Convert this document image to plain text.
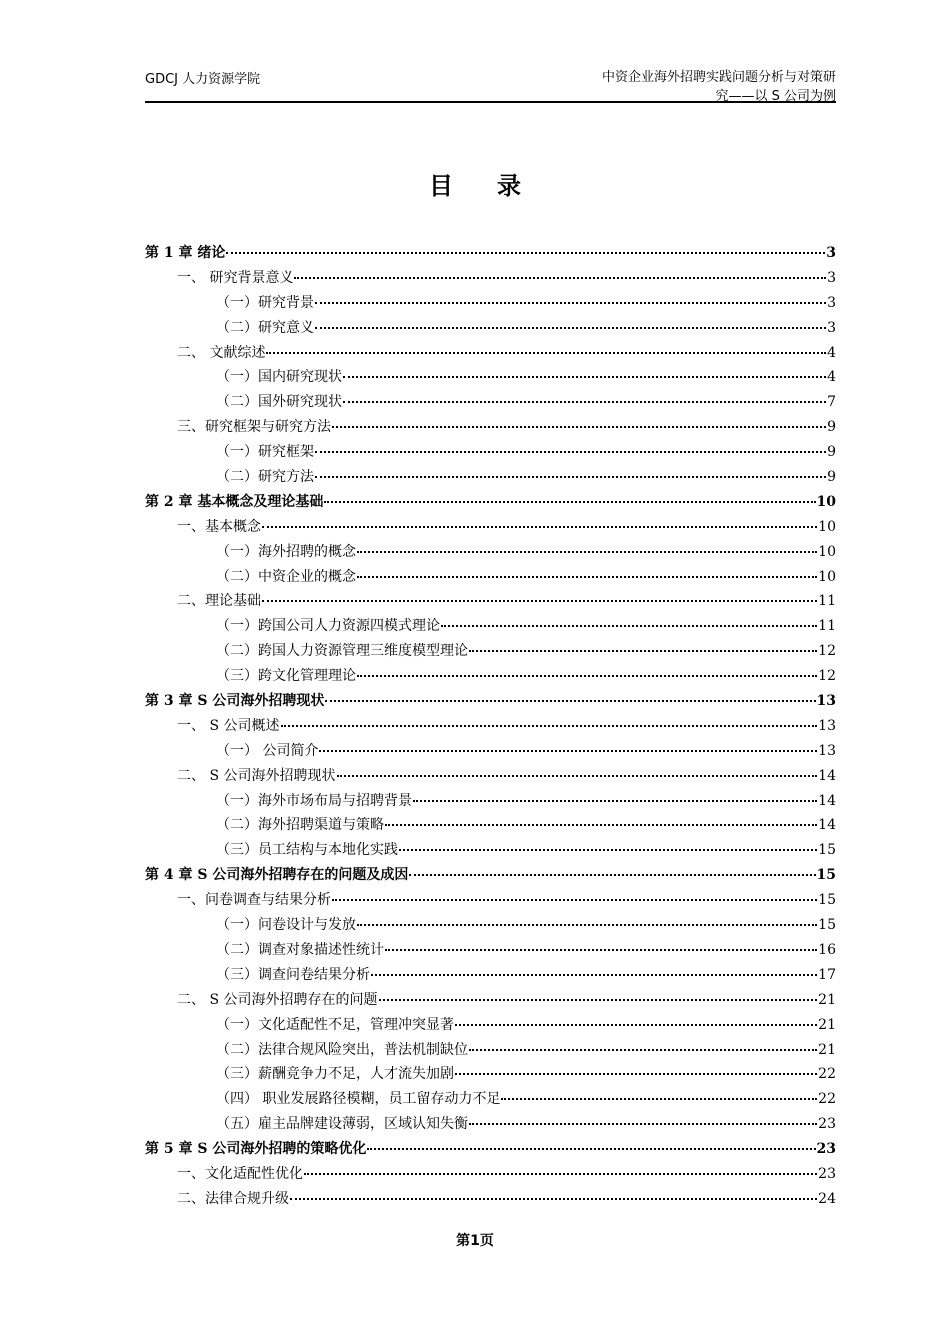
GDCJ 人力资源学院	中资企业海外招聘实践问题分析与对策研
究——以 S 公司为例
目录
第 1 章 绪论	3
一、 研究背景意义	3
（一）研究背景	3
（二）研究意义	3
二、 文献综述	4
（一）国内研究现状	4
（二）国外研究现状	7
三、研究框架与研究方法	9
（一）研究框架	9
（二）研究方法	9
第 2 章 基本概念及理论基础	10
一、基本概念	10
（一）海外招聘的概念	10
（二）中资企业的概念	10
二、理论基础	11
（一）跨国公司人力资源四模式理论	11
（二）跨国人力资源管理三维度模型理论	12
（三）跨文化管理理论	12
第 3 章 S 公司海外招聘现状	13
一、 S 公司概述	13
（一） 公司简介	13
二、 S 公司海外招聘现状	14
（一）海外市场布局与招聘背景	14
（二）海外招聘渠道与策略	14
（三）员工结构与本地化实践	15
第 4 章 S 公司海外招聘存在的问题及成因	15
一、问卷调查与结果分析	15
（一）问卷设计与发放	15
（二）调查对象描述性统计	16
（三）调查问卷结果分析	17
二、 S 公司海外招聘存在的问题	21
（一）文化适配性不足，管理冲突显著	21
（二）法律合规风险突出，普法机制缺位	21
（三）薪酬竞争力不足，人才流失加剧	22
（四） 职业发展路径模糊，员工留存动力不足	22
（五）雇主品牌建设薄弱，区域认知失衡	23
第 5 章 S 公司海外招聘的策略优化	23
一、文化适配性优化	23
二、法律合规升级	24
第1页
